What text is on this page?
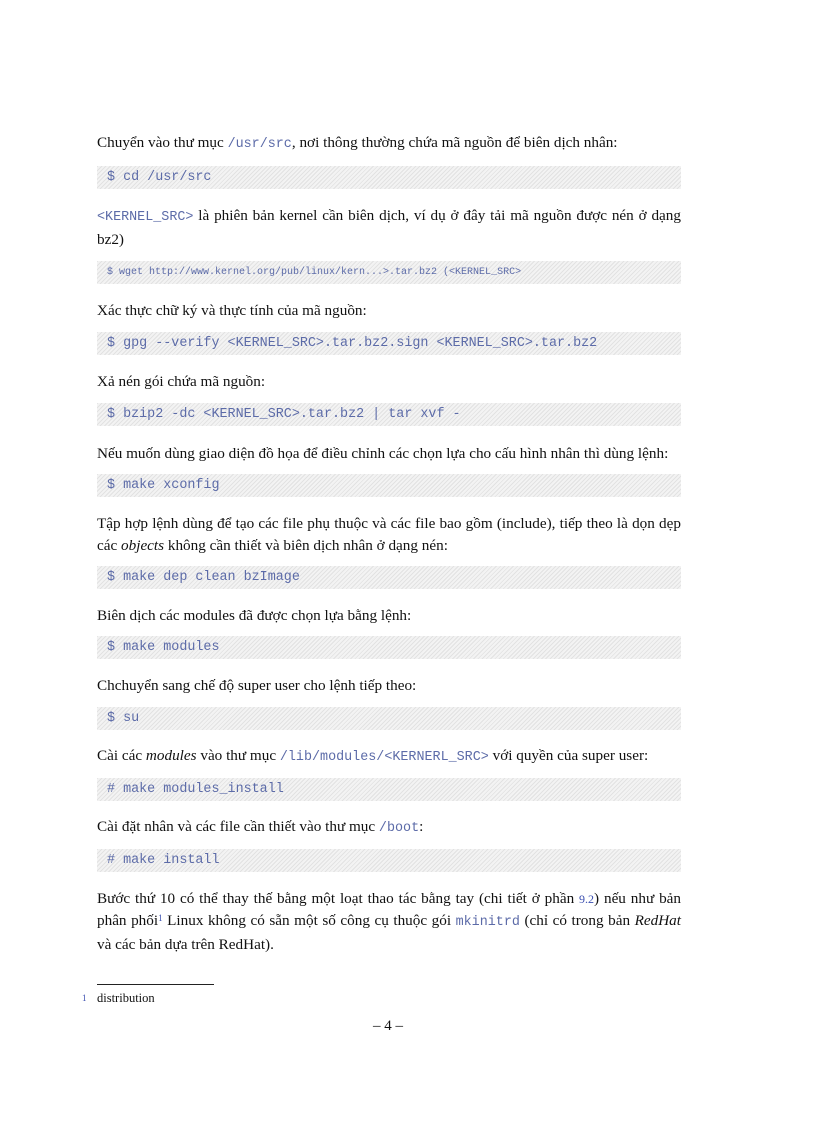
Chuyển vào thư mục /usr/src, nơi thông thường chứa mã nguồn để biên dịch nhân:

$ cd /usr/src

<KERNEL_SRC> là phiên bản kernel cần biên dịch, ví dụ ở đây tải mã nguồn được nén ở dạng bz2)

$ wget http://www.kernel.org/pub/linux/kern...>.tar.bz2 (<KERNEL_SRC>

Xác thực chữ ký và thực tính của mã nguồn:

$ gpg --verify <KERNEL_SRC>.tar.bz2.sign <KERNEL_SRC>.tar.bz2

Xả nén gói chứa mã nguồn:

$ bzip2 -dc <KERNEL_SRC>.tar.bz2 | tar xvf -

Nếu muốn dùng giao diện đồ họa để điều chỉnh các chọn lựa cho cấu hình nhân thì dùng lệnh:

$ make xconfig

Tập hợp lệnh dùng để tạo các file phụ thuộc và các file bao gồm (include), tiếp theo là dọn dẹp các objects không cần thiết và biên dịch nhân ở dạng nén:

$ make dep clean bzImage

Biên dịch các modules đã được chọn lựa bằng lệnh:

$ make modules

Chchuyển sang chế độ super user cho lệnh tiếp theo:

$ su

Cài các modules vào thư mục /lib/modules/<KERNERL_SRC> với quyền của super user:

# make modules_install

Cài đặt nhân và các file cần thiết vào thư mục /boot:

# make install

Bước thứ 10 có thể thay thế bằng một loạt thao tác bằng tay (chi tiết ở phần 9.2) nếu như bản phân phối$^1$ Linux không có sẵn một số công cụ thuộc gói mkinitrd (chỉ có trong bản RedHat và các bản dựa trên RedHat).

1 distribution
– 4 –
